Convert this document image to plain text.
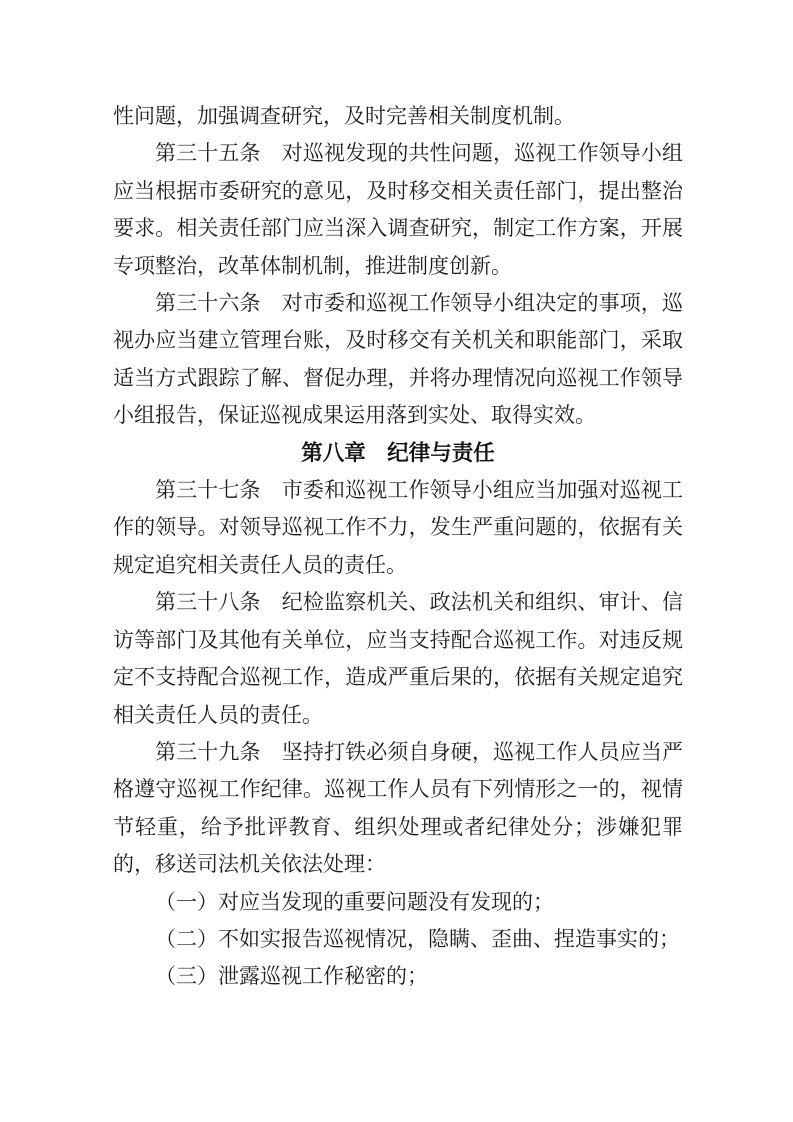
性问题，加强调查研究，及时完善相关制度机制。

第三十五条　对巡视发现的共性问题，巡视工作领导小组应当根据市委研究的意见，及时移交相关责任部门，提出整治要求。相关责任部门应当深入调查研究，制定工作方案，开展专项整治，改革体制机制，推进制度创新。

第三十六条　对市委和巡视工作领导小组决定的事项，巡视办应当建立管理台账，及时移交有关机关和职能部门，采取适当方式跟踪了解、督促办理，并将办理情况向巡视工作领导小组报告，保证巡视成果运用落到实处、取得实效。

第八章　纪律与责任

第三十七条　市委和巡视工作领导小组应当加强对巡视工作的领导。对领导巡视工作不力，发生严重问题的，依据有关规定追究相关责任人员的责任。

第三十八条　纪检监察机关、政法机关和组织、审计、信访等部门及其他有关单位，应当支持配合巡视工作。对违反规定不支持配合巡视工作，造成严重后果的，依据有关规定追究相关责任人员的责任。

第三十九条　坚持打铁必须自身硬，巡视工作人员应当严格遵守巡视工作纪律。巡视工作人员有下列情形之一的，视情节轻重，给予批评教育、组织处理或者纪律处分；涉嫌犯罪的，移送司法机关依法处理：

（一）对应当发现的重要问题没有发现的；

（二）不如实报告巡视情况，隐瞒、歪曲、捏造事实的；

（三）泄露巡视工作秘密的；
